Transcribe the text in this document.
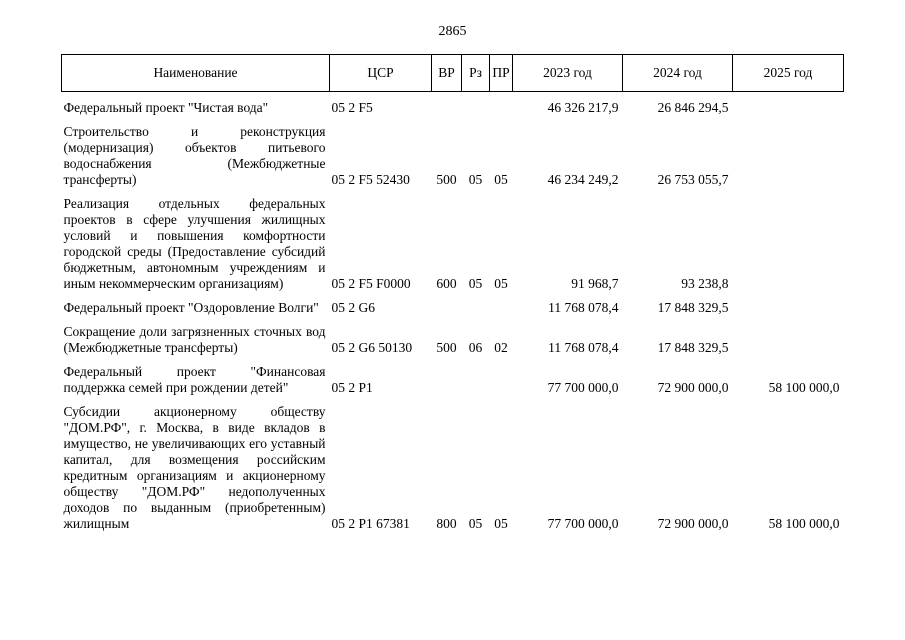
2865
Наименование	ЦСР	ВР	Рз	ПР	2023 год	2024 год	2025 год

Федеральный проект "Чистая вода"	05 2 F5				46 326 217,9	26 846 294,5	

Строительство и реконструкция (модернизация) объектов питьевого водоснабжения (Межбюджетные трансферты)	05 2 F5 52430	500	05	05	46 234 249,2	26 753 055,7	

Реализация отдельных федеральных проектов в сфере улучшения жилищных условий и повышения комфортности городской среды (Предоставление субсидий бюджетным, автономным учреждениям и иным некоммерческим организациям)	05 2 F5 F0000	600	05	05	91 968,7	93 238,8	

Федеральный проект "Оздоровление Волги"	05 2 G6				11 768 078,4	17 848 329,5	

Сокращение доли загрязненных сточных вод (Межбюджетные трансферты)	05 2 G6 50130	500	06	02	11 768 078,4	17 848 329,5	

Федеральный проект "Финансовая поддержка семей при рождении детей"	05 2 P1				77 700 000,0	72 900 000,0	58 100 000,0

Субсидии акционерному обществу "ДОМ.РФ", г. Москва, в виде вкладов в имущество, не увеличивающих его уставный капитал, для возмещения российским кредитным организациям и акционерному обществу "ДОМ.РФ" недополученных доходов по выданным (приобретенным) жилищным	05 2 P1 67381	800	05	05	77 700 000,0	72 900 000,0	58 100 000,0
